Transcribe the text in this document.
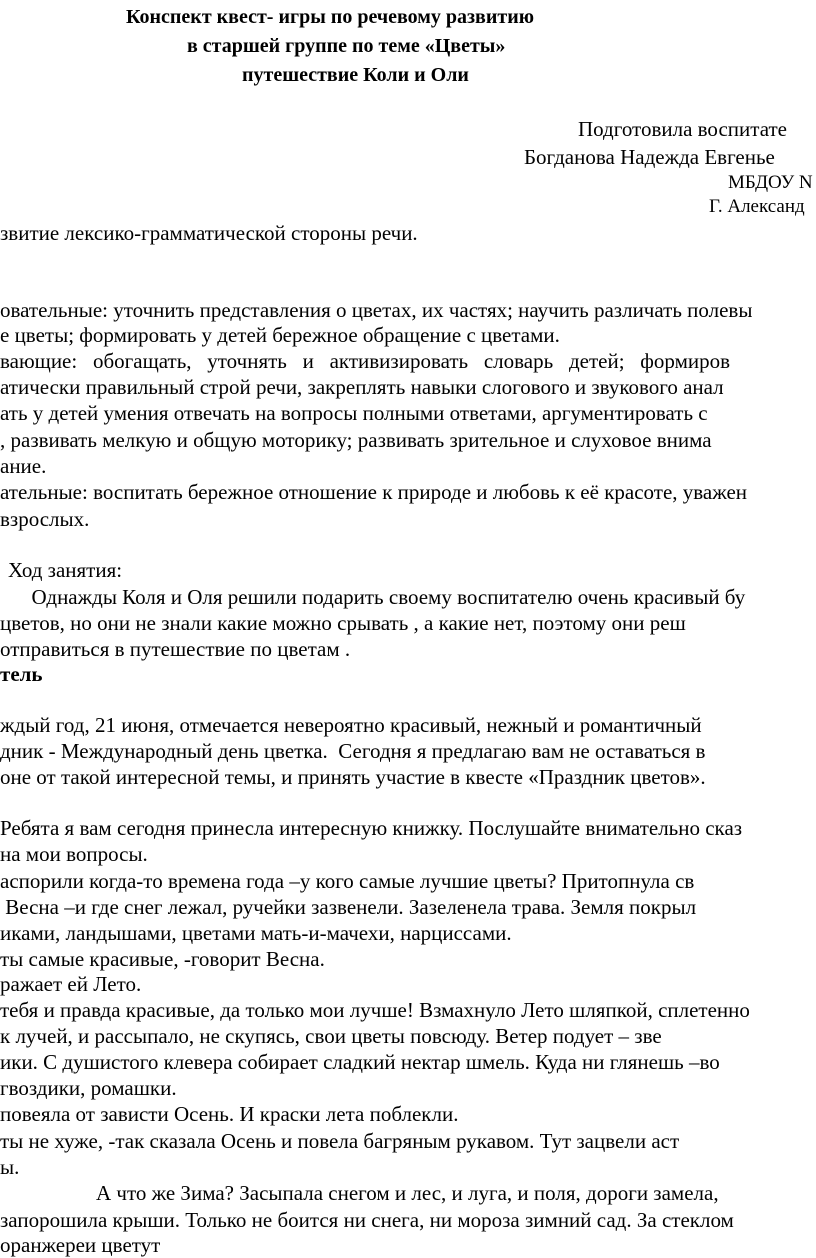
Конспект квест- игры по речевому развитию
в старшей группе по теме «Цветы»
путешествие Коли и Оли
Подготовила воспитате
Богданова Надежда Евгенье
МБДОУ N
Г. Александ
звитие лексико-грамматической стороны речи.
овательные: уточнить представления о цветах, их частях; научить различать полевы
е цветы; формировать у детей бережное обращение с цветами.
вающие:   обогащать,   уточнять   и   активизировать   словарь   детей;   формиров
атически правильный строй речи, закреплять навыки слогового и звукового анал
ать у детей умения отвечать на вопросы полными ответами, аргументировать с
, развивать мелкую и общую моторику; развивать зрительное и слуховое внима
ание.
ательные: воспитать бережное отношение к природе и любовь к её красоте, уважен
взрослых.
Ход занятия:
Однажды Коля и Оля решили подарить своему воспитателю очень красивый бу
цветов, но они не знали какие можно срывать , а какие нет, поэтому они реш
отправиться в путешествие по цветам .
тель
ждый год, 21 июня, отмечается невероятно красивый, нежный и романтичный
дник - Международный день цветка.  Сегодня я предлагаю вам не оставаться в
оне от такой интересной темы, и принять участие в квесте «Праздник цветов».
Ребята я вам сегодня принесла интересную книжку. Послушайте внимательно сказ
на мои вопросы.
аспорили когда-то времена года –у кого самые лучшие цветы? Притопнула св
Весна –и где снег лежал, ручейки зазвенели. Зазеленела трава. Земля покрыл
иками, ландышами, цветами мать-и-мачехи, нарциссами.
ты самые красивые, -говорит Весна.
ражает ей Лето.
тебя и правда красивые, да только мои лучше! Взмахнуло Лето шляпкой, сплетенно
к лучей, и рассыпало, не скупясь, свои цветы повсюду. Ветер подует – зве
ики. С душистого клевера собирает сладкий нектар шмель. Куда ни глянешь –во
гвоздики, ромашки.
повеяла от зависти Осень. И краски лета поблекли.
ты не хуже, -так сказала Осень и повела багряным рукавом. Тут зацвели аст
ы.
А что же Зима? Засыпала снегом и лес, и луга, и поля, дороги замела,
запорошила крыши. Только не боится ни снега, ни мороза зимний сад. За стеклом
оранжереи цветут
